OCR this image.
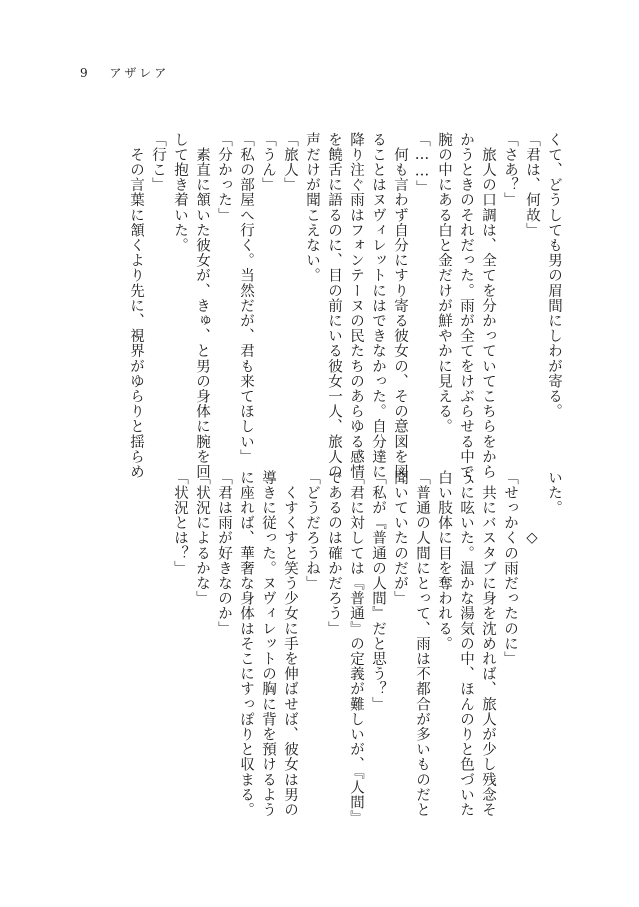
9 アザレア
くて、どうしても男の眉間にしわが寄る。
「君は、何故」
「さあ？」
　旅人の口調は、全てを分かっていてこちらをから
かうときのそれだった。雨が全てをけぶらせる中で、
腕の中にある白と金だけが鮮やかに見える。
「……」
　何も言わず自分にすり寄る彼女の、その意図を図
ることはヌヴィレットにはできなかった。自分達に
降り注ぐ雨はフォンテーヌの民たちのあらゆる感情
を饒舌に語るのに、目の前にいる彼女一人、旅人の
声だけが聞こえない。
「旅人」
「うん」
「私の部屋へ行く。当然だが、君も来てほしい」
「分かった」
　素直に頷いた彼女が、きゅ、と男の身体に腕を回
して抱き着いた。
「行こ」
　その言葉に頷くより先に、視界がゆらりと揺らめ
いた。
◇
「せっかくの雨だったのに」
　共にバスタブに身を沈めれば、旅人が少し残念そ
うに呟いた。温かな湯気の中、ほんのりと色づいた
白い肢体に目を奪われる。
「普通の人間にとって、雨は不都合が多いものだと
聞いていたのだが」
「私が『普通の人間』だと思う？」
「君に対しては『普通』の定義が難しいが、『人間』
であるのは確かだろう」
「どうだろうね」
　くすくすと笑う少女に手を伸ばせば、彼女は男の
導きに従った。ヌヴィレットの胸に背を預けるよう
に座れば、華奢な身体はそこにすっぽりと収まる。
「君は雨が好きなのか」
「状況によるかな」
「状況とは？」
